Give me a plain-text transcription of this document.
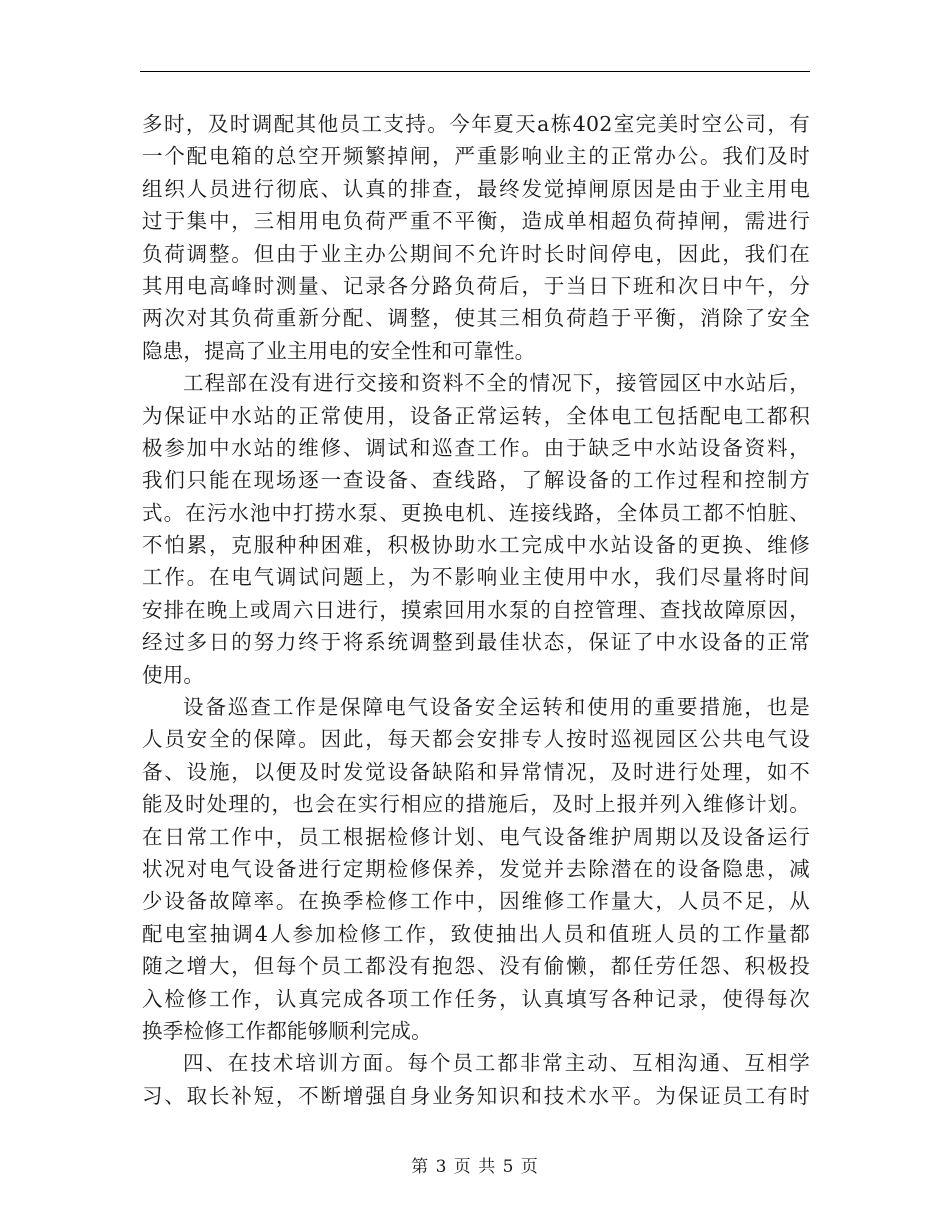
多时，及时调配其他员工支持。今年夏天a栋402室完美时空公司，有
一个配电箱的总空开频繁掉闸，严重影响业主的正常办公。我们及时
组织人员进行彻底、认真的排查，最终发觉掉闸原因是由于业主用电
过于集中，三相用电负荷严重不平衡，造成单相超负荷掉闸，需进行
负荷调整。但由于业主办公期间不允许时长时间停电，因此，我们在
其用电高峰时测量、记录各分路负荷后，于当日下班和次日中午，分
两次对其负荷重新分配、调整，使其三相负荷趋于平衡，消除了安全
隐患，提高了业主用电的安全性和可靠性。
工程部在没有进行交接和资料不全的情况下，接管园区中水站后，
为保证中水站的正常使用，设备正常运转，全体电工包括配电工都积
极参加中水站的维修、调试和巡查工作。由于缺乏中水站设备资料，
我们只能在现场逐一查设备、查线路，了解设备的工作过程和控制方
式。在污水池中打捞水泵、更换电机、连接线路，全体员工都不怕脏、
不怕累，克服种种困难，积极协助水工完成中水站设备的更换、维修
工作。在电气调试问题上，为不影响业主使用中水，我们尽量将时间
安排在晚上或周六日进行，摸索回用水泵的自控管理、查找故障原因，
经过多日的努力终于将系统调整到最佳状态，保证了中水设备的正常
使用。
设备巡查工作是保障电气设备安全运转和使用的重要措施，也是
人员安全的保障。因此，每天都会安排专人按时巡视园区公共电气设
备、设施，以便及时发觉设备缺陷和异常情况，及时进行处理，如不
能及时处理的，也会在实行相应的措施后，及时上报并列入维修计划。
在日常工作中，员工根据检修计划、电气设备维护周期以及设备运行
状况对电气设备进行定期检修保养，发觉并去除潜在的设备隐患，减
少设备故障率。在换季检修工作中，因维修工作量大，人员不足，从
配电室抽调4人参加检修工作，致使抽出人员和值班人员的工作量都
随之增大，但每个员工都没有抱怨、没有偷懒，都任劳任怨、积极投
入检修工作，认真完成各项工作任务，认真填写各种记录，使得每次
换季检修工作都能够顺利完成。
四、在技术培训方面。每个员工都非常主动、互相沟通、互相学
习、取长补短，不断增强自身业务知识和技术水平。为保证员工有时
第 3 页 共 5 页
